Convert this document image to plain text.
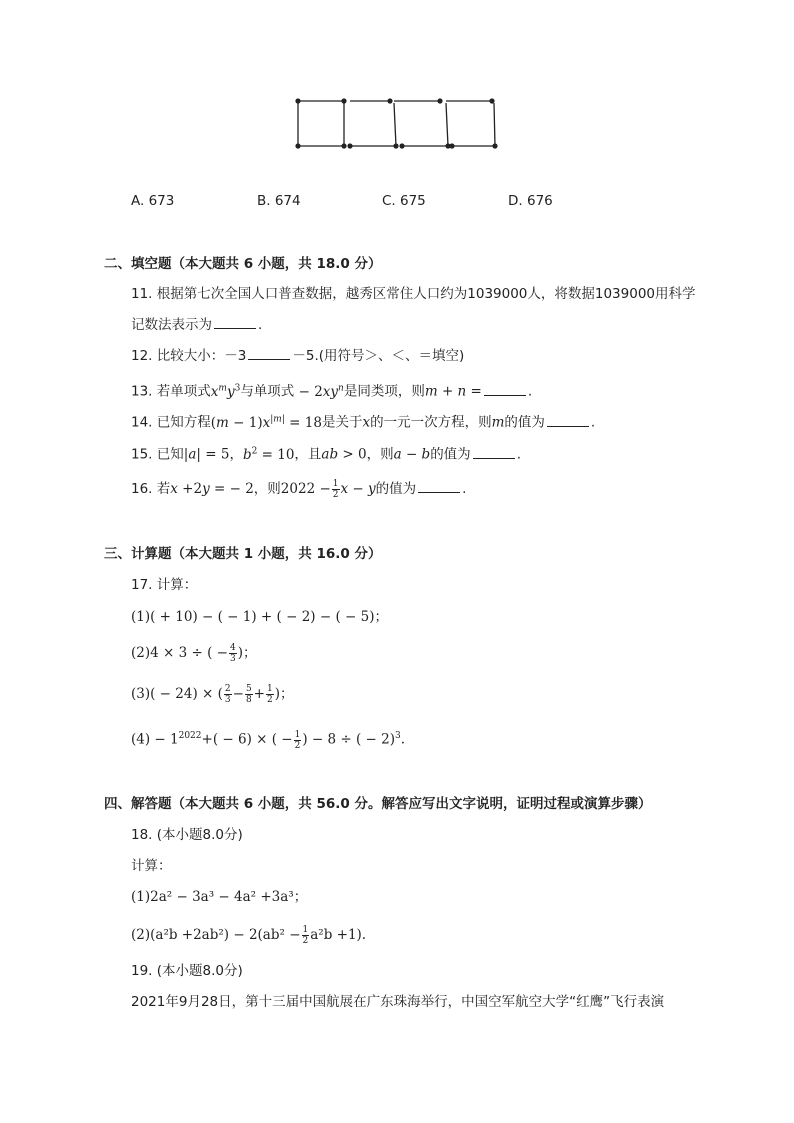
A. 673	B. 674	C. 675	D. 676
二、填空题（本大题共 6 小题，共 18.0 分）
11. 根据第七次全国人口普查数据，越秀区常住人口约为1039000人，将数据1039000用科学
记数法表示为	.
12. 比较大小：－3	－5.(用符号＞、＜、＝填空)
13. 若单项式$x^my^3$与单项式 − $2xy^n$是同类项，则m + n =	.
14. 已知方程$(m - 1)x^{|m|} = 18$是关于x的一元一次方程，则m的值为	.
15. 已知|a| = 5，$b^2 = 10$，且ab > 0，则a − b的值为	.
16. 若x +2y = − 2，则$2022 - \frac{1}{2}$ x − y的值为	.
三、计算题（本大题共 1 小题，共 16.0 分）
17. 计算：
(1)( + 10) − ( − 1) + ( − 2) − ( − 5)；
(2)4 × 3 ÷ ( − $\frac{4}{3}$ )；
(3)( − 24) × ( $\frac{2}{3} - \frac{5}{8} + \frac{1}{2}$ )；
$(4) - 1^{2022}+( - 6)$ × ( − $\frac{1}{2}$ ) − 8 ÷ ( − 2)$^3$.
四、解答题（本大题共 6 小题，共 56.0 分。解答应写出文字说明，证明过程或演算步骤）
18. (本小题8.0分)
计算：
(1)2a² − 3a³ − 4a² +3a³；
$(2)(a^2b +2ab^2) - 2(ab^2 - \frac{1}{2} a^2b +1)$.
19. (本小题8.0分)
2021年9月28日，第十三届中国航展在广东珠海举行，中国空军航空大学“红鹰”飞行表演
